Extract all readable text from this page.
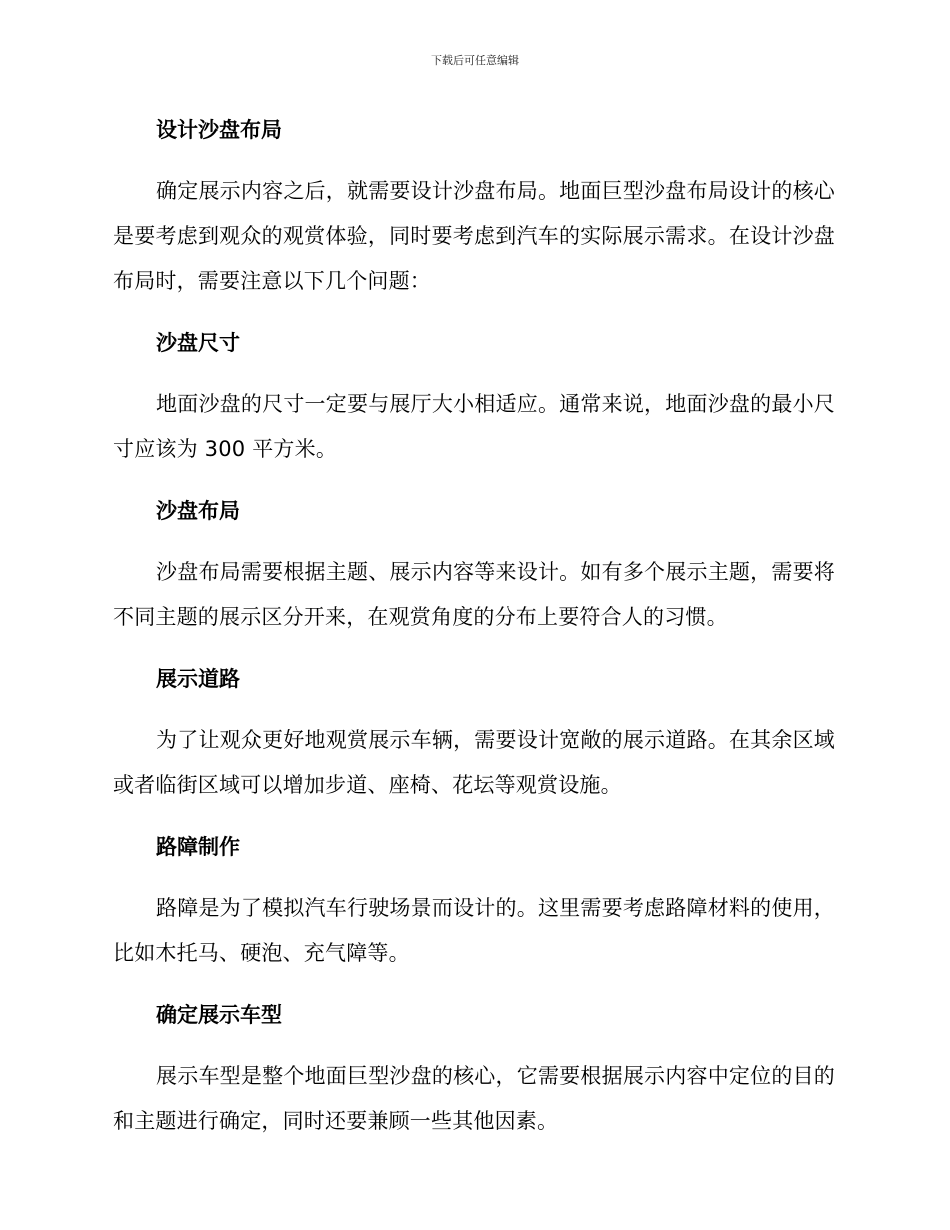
下载后可任意编辑
设计沙盘布局

确定展示内容之后，就需要设计沙盘布局。地面巨型沙盘布局设计的核心是要考虑到观众的观赏体验，同时要考虑到汽车的实际展示需求。在设计沙盘布局时，需要注意以下几个问题：

沙盘尺寸

地面沙盘的尺寸一定要与展厅大小相适应。通常来说，地面沙盘的最小尺寸应该为 300 平方米。

沙盘布局

沙盘布局需要根据主题、展示内容等来设计。如有多个展示主题，需要将不同主题的展示区分开来，在观赏角度的分布上要符合人的习惯。

展示道路

为了让观众更好地观赏展示车辆，需要设计宽敞的展示道路。在其余区域或者临街区域可以增加步道、座椅、花坛等观赏设施。

路障制作

路障是为了模拟汽车行驶场景而设计的。这里需要考虑路障材料的使用，比如木托马、硬泡、充气障等。

确定展示车型

展示车型是整个地面巨型沙盘的核心，它需要根据展示内容中定位的目的和主题进行确定，同时还要兼顾一些其他因素。
